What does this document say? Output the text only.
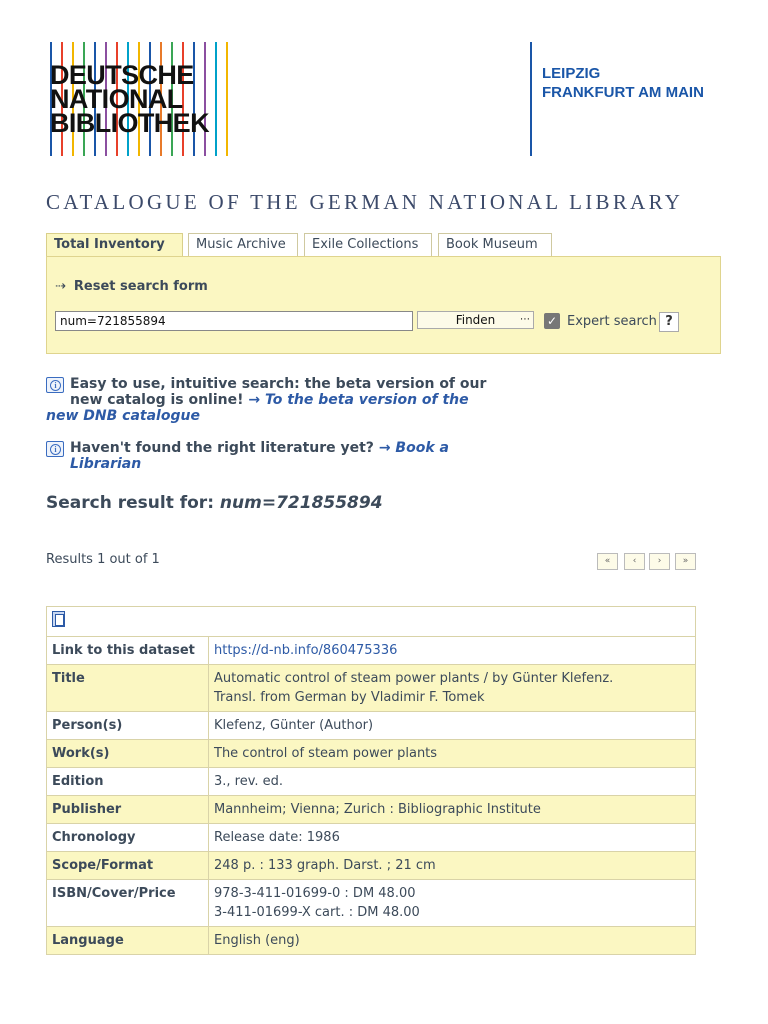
DEUTSCHE
NATIONAL
BIBLIOTHEK
LEIPZIG
FRANKFURT AM MAIN
CATALOGUE OF THE GERMAN NATIONAL LIBRARY
Total Inventory	Music Archive	Exile Collections	Book Museum
⇢ Reset search form
num=721855894
Finden ⋯ ✓ Expert search ?
i Easy to use, intuitive search: the beta version of our
new catalog is online! → To the beta version of the
new DNB catalogue
i Haven't found the right literature yet? → Book a
Librarian
Search result for: num=721855894
Results 1 out of 1	«	‹	›	»

Link to this dataset	https://d-nb.info/860475336
Title	Automatic control of steam power plants / by Günter Klefenz.
Transl. from German by Vladimir F. Tomek

Person(s)	Klefenz, Günter (Author)
Work(s)	The control of steam power plants
Edition	3., rev. ed.
Publisher	Mannheim; Vienna; Zurich : Bibliographic Institute
Chronology	Release date: 1986
Scope/Format	248 p. : 133 graph. Darst. ; 21 cm
ISBN/Cover/Price	978-3-411-01699-0 : DM 48.00
3-411-01699-X cart. : DM 48.00

Language	English (eng)
